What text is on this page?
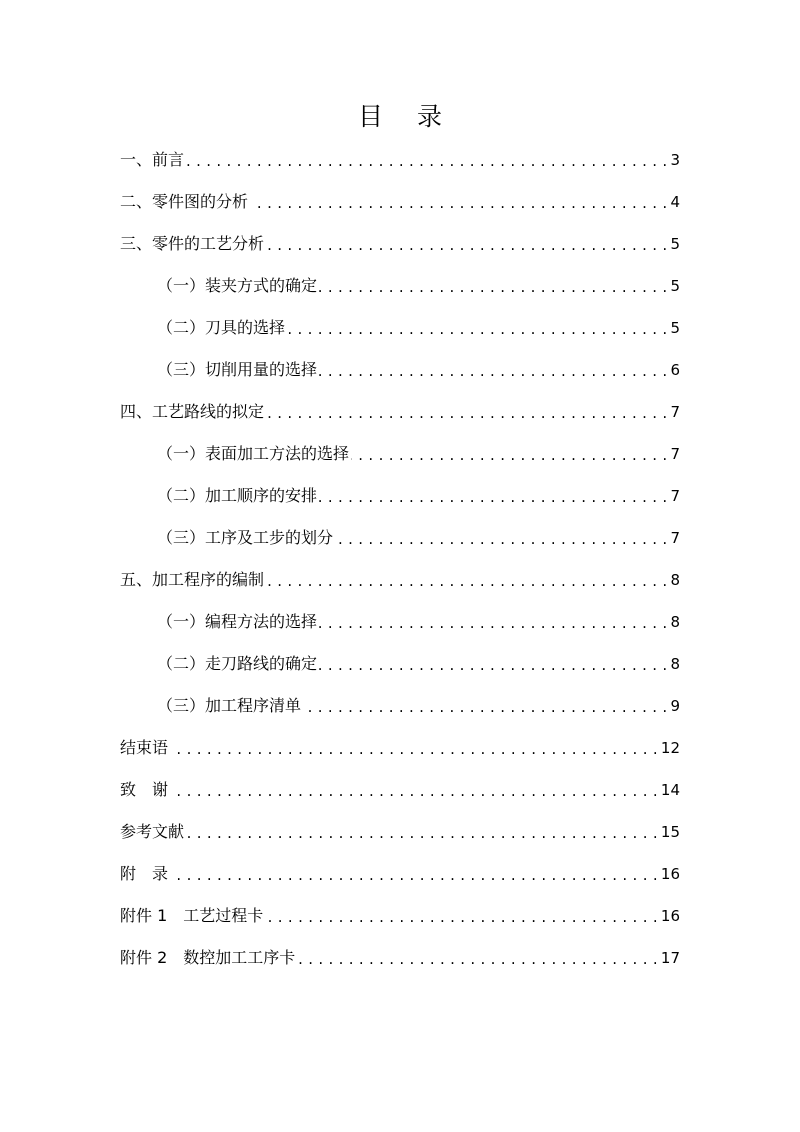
目 录
一、前言 . . .	3
二、零件图的分析 . . .	4
三、零件的工艺分析 . . .	5
（一）装夹方式的确定 . . .	5
（二）刀具的选择 . . .	5
（三）切削用量的选择 . . .	6
四、工艺路线的拟定 . . .	7
（一）表面加工方法的选择 . . .	7
（二）加工顺序的安排 . . .	7
（三）工序及工步的划分 . . .	7
五、加工程序的编制 . . .	8
（一）编程方法的选择 . . .	8
（二）走刀路线的确定 . . .	8
（三）加工程序清单 . . .	9
结束语 . . .	12
致　谢 . . .	14
参考文献 . . .	15
附　录 . . .	16
附件 1　工艺过程卡 . . .	16
附件 2　数控加工工序卡 . . .	17
